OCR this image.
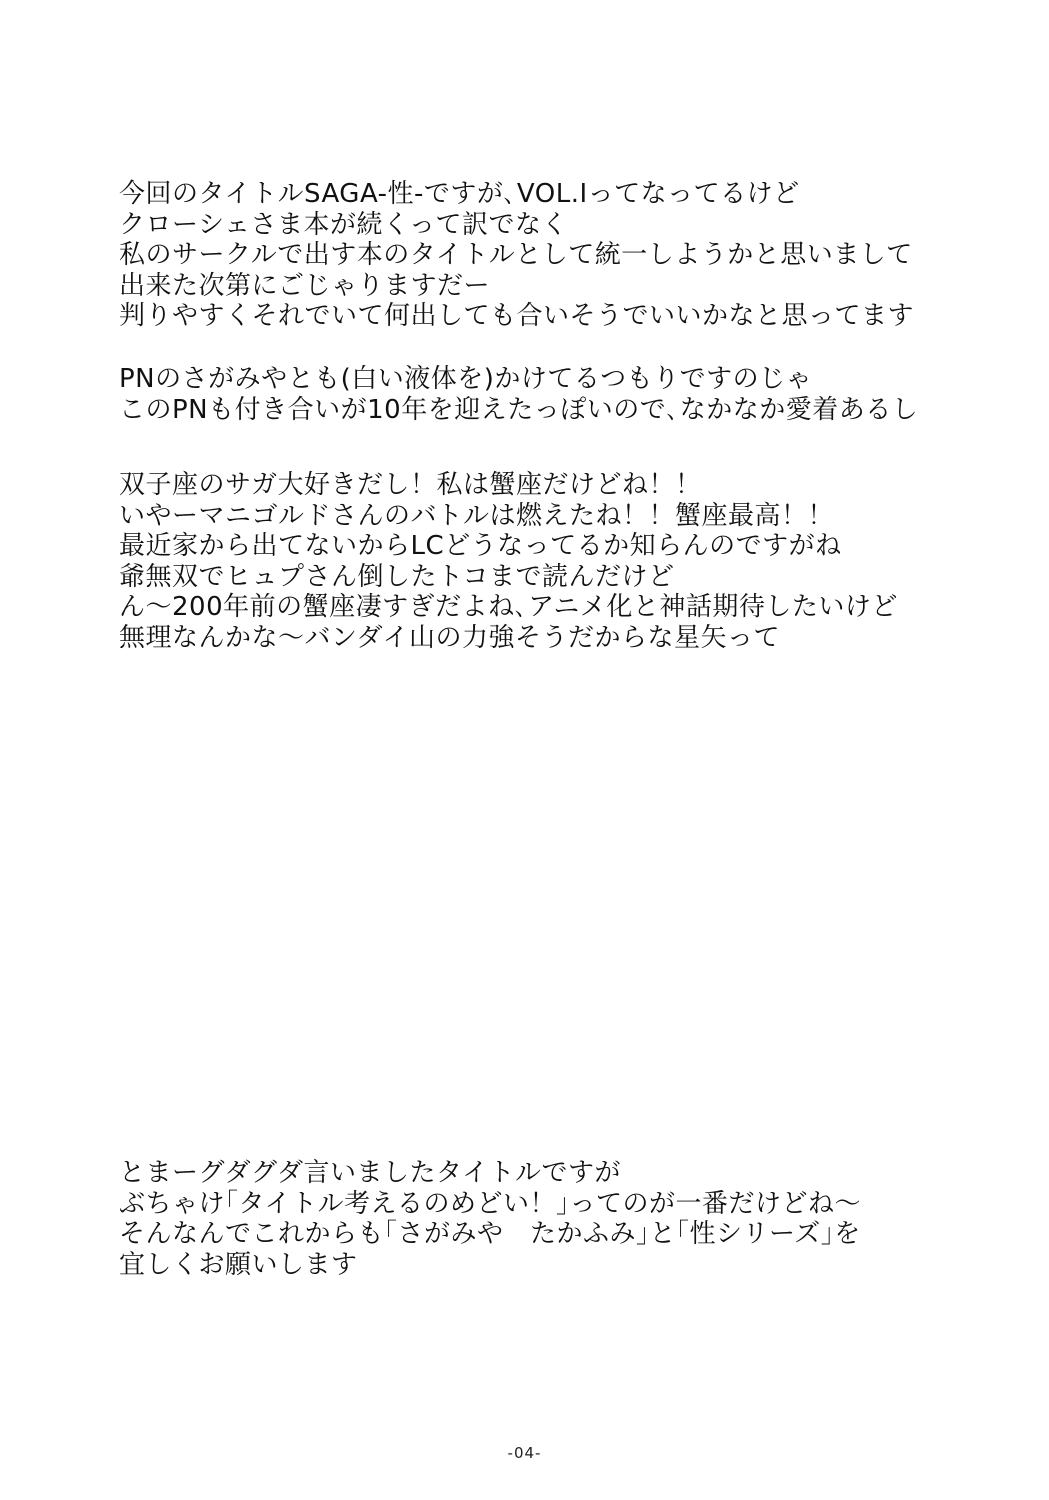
今回のタイトルSAGA-性-ですが､VOL.Ⅰってなってるけど
クローシェさま本が続くって訳でなく
私のサークルで出す本のタイトルとして統一しようかと思いまして
出来た次第にごじゃりますだー
判りやすくそれでいて何出しても合いそうでいいかなと思ってます
PNのさがみやとも(白い液体を)かけてるつもりですのじゃ
このPNも付き合いが10年を迎えたっぽいので､なかなか愛着あるし
双子座のサガ大好きだし！私は蟹座だけどね！！
いやーマニゴルドさんのバトルは燃えたね！！蟹座最高！！
最近家から出てないからLCどうなってるか知らんのですがね
爺無双でヒュプさん倒したトコまで読んだけど
ん～200年前の蟹座凄すぎだよね､アニメ化と神話期待したいけど
無理なんかな～バンダイ山の力強そうだからな星矢って
とまーグダグダ言いましたタイトルですが
ぶちゃけ｢タイトル考えるのめどい！｣ってのが一番だけどね～
そんなんでこれからも｢さがみや　たかふみ｣と｢性シリーズ｣を
宜しくお願いします
-04-
